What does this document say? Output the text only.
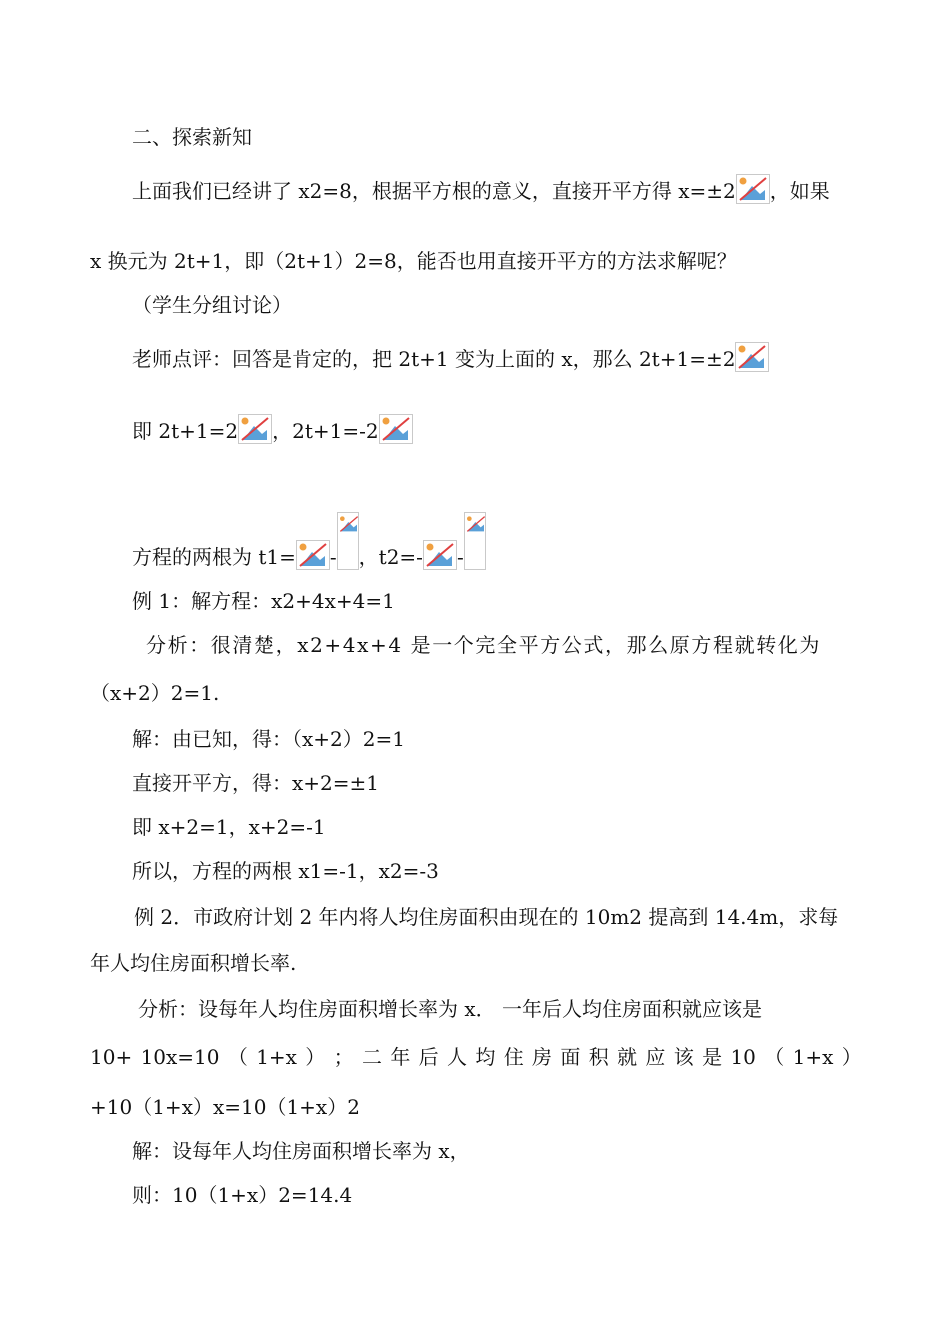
二、探索新知
上面我们已经讲了 x2=8，根据平方根的意义，直接开平方得 x=±2 ，如果
x 换元为 2t+1，即（2t+1）2=8，能否也用直接开平方的方法求解呢？
（学生分组讨论）
老师点评：回答是肯定的，把 2t+1 变为上面的 x，那么 2t+1=±2
即 2t+1=2 ，2t+1=-2
方程的两根为 t1= - ，t2=- -
例 1：解方程：x2+4x+4=1
分析：很清楚，x2+4x+4 是一个完全平方公式，那么原方程就转化为
（x+2）2=1.
解：由已知，得：（x+2）2=1
直接开平方，得：x+2=±1
即 x+2=1，x+2=-1
所以，方程的两根 x1=-1，x2=-3
例 2．市政府计划 2 年内将人均住房面积由现在的 10m2 提高到 14.4m，求每
年人均住房面积增长率.
分析：设每年人均住房面积增长率为 x． 一年后人均住房面积就应该是
10+ 10x=10 （ 1+x ） ； 二 年 后 人 均 住 房 面 积 就 应 该 是 10 （ 1+x ）
+10（1+x）x=10（1+x）2
解：设每年人均住房面积增长率为 x，
则：10（1+x）2=14.4
